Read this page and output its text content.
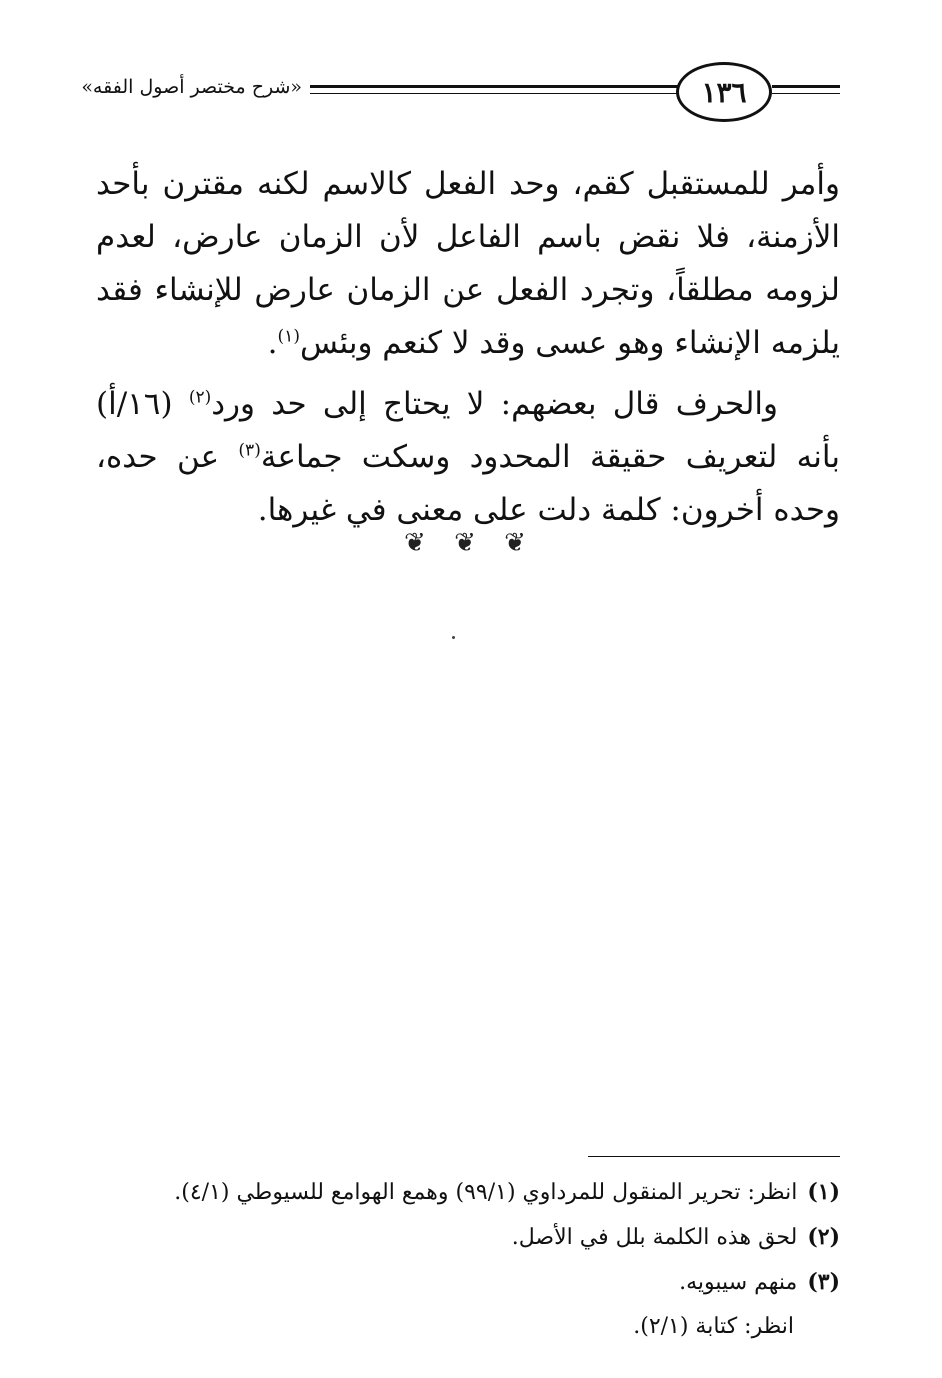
«شرح مختصر أصول الفقه»	١٣٦

وأمر للمستقبل كقم، وحد الفعل كالاسم لكنه مقترن بأحد الأزمنة، فلا نقض باسم الفاعل لأن الزمان عارض، لعدم لزومه مطلقاً، وتجرد الفعل عن الزمان عارض للإنشاء فقد يلزمه الإنشاء وهو عسى وقد لا كنعم وبئس$^{(١)}$.

والحرف قال بعضهم: لا يحتاج إلى حد ورد$^{(٢)}$ (١٦/أ) بأنه لتعريف حقيقة المحدود وسكت جماعة$^{(٣)}$ عن حده، وحده أخرون: كلمة دلت على معنى في غيرها.

❦ ❦ ❦

(١)انظر: تحرير المنقول للمرداوي (٩٩/١) وهمع الهوامع للسيوطي (٤/١).

(٢)لحق هذه الكلمة بلل في الأصل.

(٣)منهم سيبويه.

انظر: كتابة (٢/١).
